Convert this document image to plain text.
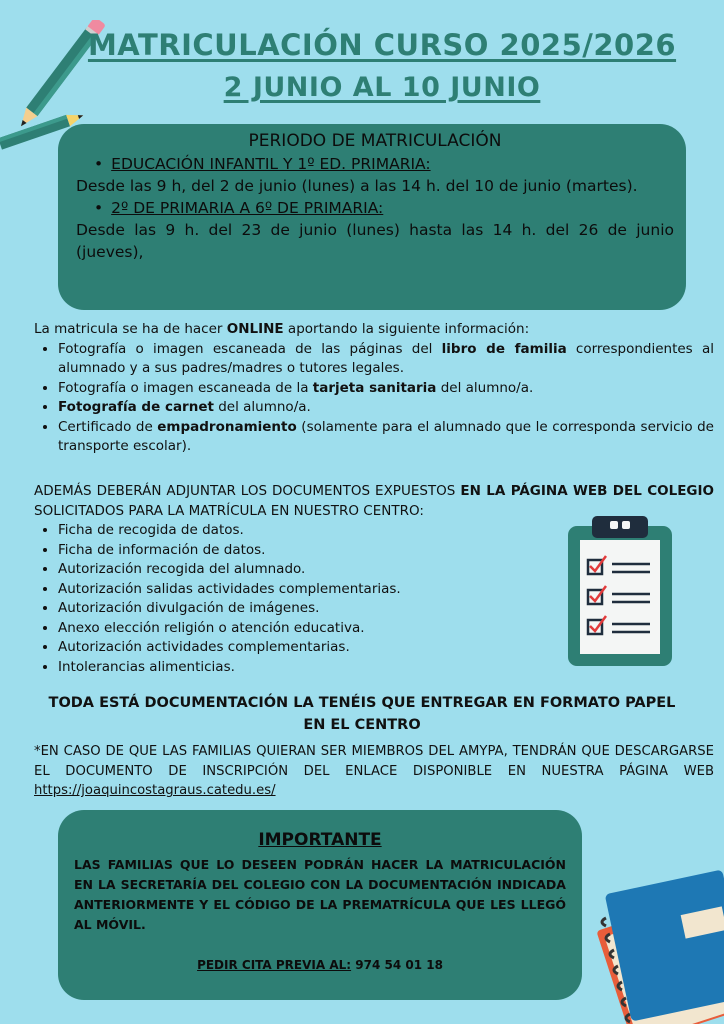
MATRICULACIÓN CURSO 2025/2026
2 JUNIO AL 10 JUNIO
PERIODO DE MATRICULACIÓN
• EDUCACIÓN INFANTIL Y 1º ED. PRIMARIA:
Desde las 9 h, del 2 de junio (lunes) a las 14 h. del 10 de junio (martes).
• 2º DE PRIMARIA A 6º DE PRIMARIA:
Desde las 9 h. del 23 de junio (lunes) hasta las 14 h. del 26 de junio (jueves),
La matricula se ha de hacer ONLINE aportando la siguiente información:
• Fotografía o imagen escaneada de las páginas del libro de familia correspondientes al alumnado y a sus padres/madres o tutores legales.
• Fotografía o imagen escaneada de la tarjeta sanitaria del alumno/a.
• Fotografía de carnet del alumno/a.
• Certificado de empadronamiento (solamente para el alumnado que le corresponda servicio de transporte escolar).
ADEMÁS DEBERÁN ADJUNTAR LOS DOCUMENTOS EXPUESTOS EN LA PÁGINA WEB DEL COLEGIO SOLICITADOS PARA LA MATRÍCULA EN NUESTRO CENTRO:
• Ficha de recogida de datos.
• Ficha de información de datos.
• Autorización recogida del alumnado.
• Autorización salidas actividades complementarias.
• Autorización divulgación de imágenes.
• Anexo elección religión o atención educativa.
• Autorización actividades complementarias.
• Intolerancias alimenticias.
TODA ESTÁ DOCUMENTACIÓN LA TENÉIS QUE ENTREGAR EN FORMATO PAPEL EN EL CENTRO
*EN CASO DE QUE LAS FAMILIAS QUIERAN SER MIEMBROS DEL AMYPA, TENDRÁN QUE DESCARGARSE EL DOCUMENTO DE INSCRIPCIÓN DEL ENLACE DISPONIBLE EN NUESTRA PÁGINA WEB https://joaquincostagraus.catedu.es/
IMPORTANTE
LAS FAMILIAS QUE LO DESEEN PODRÁN HACER LA MATRICULACIÓN EN LA SECRETARÍA DEL COLEGIO CON LA DOCUMENTACIÓN INDICADA ANTERIORMENTE Y EL CÓDIGO DE LA PREMATRÍCULA QUE LES LLEGÓ AL MÓVIL.
PEDIR CITA PREVIA AL: 974 54 01 18
